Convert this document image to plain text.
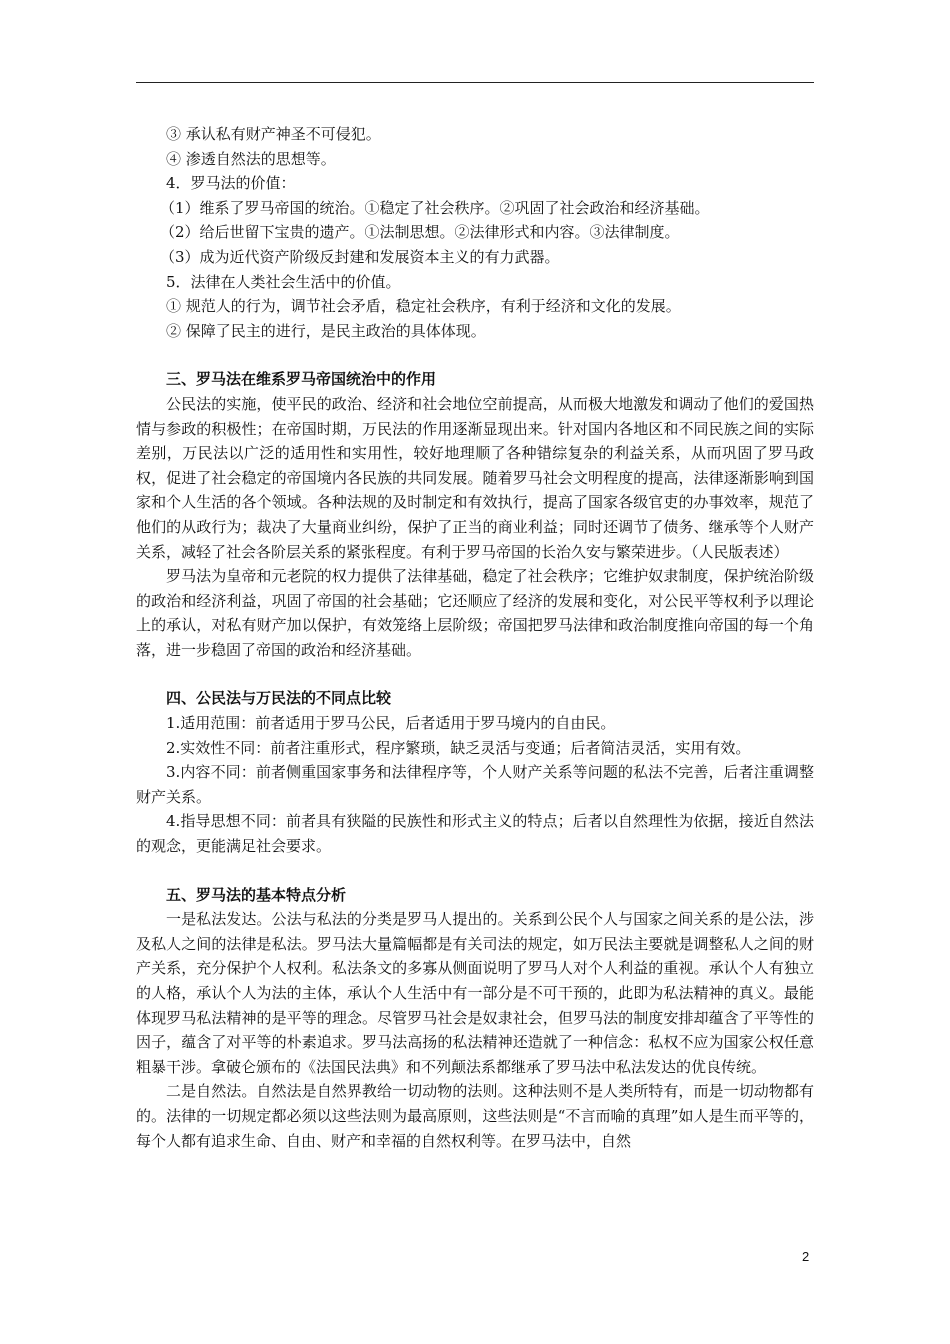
③ 承认私有财产神圣不可侵犯。
④ 渗透自然法的思想等。
4．罗马法的价值：
（1）维系了罗马帝国的统治。①稳定了社会秩序。②巩固了社会政治和经济基础。
（2）给后世留下宝贵的遗产。①法制思想。②法律形式和内容。③法律制度。
（3）成为近代资产阶级反封建和发展资本主义的有力武器。
5．法律在人类社会生活中的价值。
① 规范人的行为，调节社会矛盾，稳定社会秩序，有利于经济和文化的发展。
② 保障了民主的进行，是民主政治的具体体现。
三、罗马法在维系罗马帝国统治中的作用

公民法的实施，使平民的政治、经济和社会地位空前提高，从而极大地激发和调动了他们的爱国热情与参政的积极性；在帝国时期，万民法的作用逐渐显现出来。针对国内各地区和不同民族之间的实际差别，万民法以广泛的适用性和实用性，较好地理顺了各种错综复杂的利益关系，从而巩固了罗马政权，促进了社会稳定的帝国境内各民族的共同发展。随着罗马社会文明程度的提高，法律逐渐影响到国家和个人生活的各个领域。各种法规的及时制定和有效执行，提高了国家各级官吏的办事效率，规范了他们的从政行为；裁决了大量商业纠纷，保护了正当的商业利益；同时还调节了债务、继承等个人财产关系，减轻了社会各阶层关系的紧张程度。有利于罗马帝国的长治久安与繁荣进步。（人民版表述）

罗马法为皇帝和元老院的权力提供了法律基础，稳定了社会秩序；它维护奴隶制度，保护统治阶级的政治和经济利益，巩固了帝国的社会基础；它还顺应了经济的发展和变化，对公民平等权利予以理论上的承认，对私有财产加以保护，有效笼络上层阶级；帝国把罗马法律和政治制度推向帝国的每一个角落，进一步稳固了帝国的政治和经济基础。

四、公民法与万民法的不同点比较

1.适用范围：前者适用于罗马公民，后者适用于罗马境内的自由民。

2.实效性不同：前者注重形式，程序繁琐，缺乏灵活与变通；后者简洁灵活，实用有效。

3.内容不同：前者侧重国家事务和法律程序等，个人财产关系等问题的私法不完善，后者注重调整财产关系。

4.指导思想不同：前者具有狭隘的民族性和形式主义的特点；后者以自然理性为依据，接近自然法的观念，更能满足社会要求。

五、罗马法的基本特点分析

一是私法发达。公法与私法的分类是罗马人提出的。关系到公民个人与国家之间关系的是公法，涉及私人之间的法律是私法。罗马法大量篇幅都是有关司法的规定，如万民法主要就是调整私人之间的财产关系，充分保护个人权利。私法条文的多寡从侧面说明了罗马人对个人利益的重视。承认个人有独立的人格，承认个人为法的主体，承认个人生活中有一部分是不可干预的，此即为私法精神的真义。最能体现罗马私法精神的是平等的理念。尽管罗马社会是奴隶社会，但罗马法的制度安排却蕴含了平等性的因子，蕴含了对平等的朴素追求。罗马法高扬的私法精神还造就了一种信念：私权不应为国家公权任意粗暴干涉。拿破仑颁布的《法国民法典》和不列颠法系都继承了罗马法中私法发达的优良传统。

二是自然法。自然法是自然界教给一切动物的法则。这种法则不是人类所特有，而是一切动物都有的。法律的一切规定都必须以这些法则为最高原则，这些法则是“不言而喻的真理”如人是生而平等的，每个人都有追求生命、自由、财产和幸福的自然权利等。在罗马法中，自然

2
